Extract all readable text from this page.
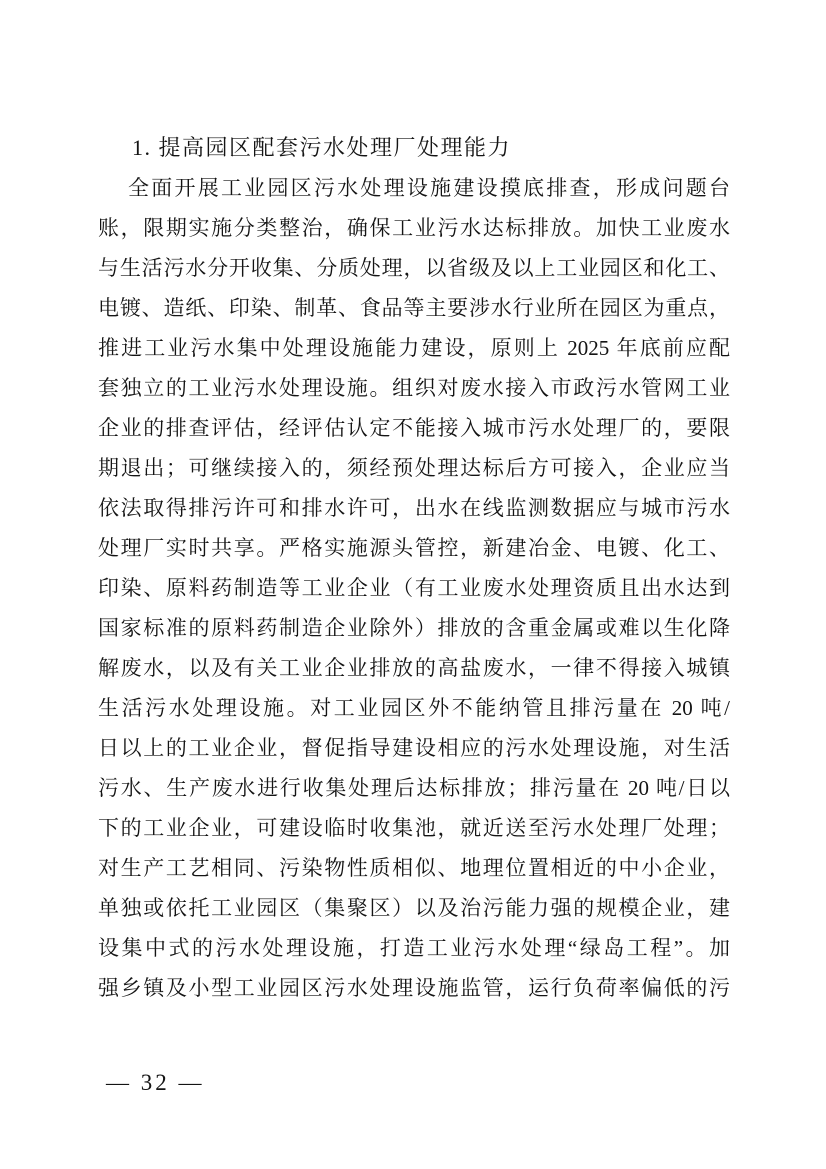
1. 提高园区配套污水处理厂处理能力
全面开展工业园区污水处理设施建设摸底排查，形成问题台
账，限期实施分类整治，确保工业污水达标排放。加快工业废水
与生活污水分开收集、分质处理，以省级及以上工业园区和化工、
电镀、造纸、印染、制革、食品等主要涉水行业所在园区为重点，
推进工业污水集中处理设施能力建设，原则上 2025 年底前应配
套独立的工业污水处理设施。组织对废水接入市政污水管网工业
企业的排查评估，经评估认定不能接入城市污水处理厂的，要限
期退出；可继续接入的，须经预处理达标后方可接入，企业应当
依法取得排污许可和排水许可，出水在线监测数据应与城市污水
处理厂实时共享。严格实施源头管控，新建冶金、电镀、化工、
印染、原料药制造等工业企业（有工业废水处理资质且出水达到
国家标准的原料药制造企业除外）排放的含重金属或难以生化降
解废水，以及有关工业企业排放的高盐废水，一律不得接入城镇
生活污水处理设施。对工业园区外不能纳管且排污量在 20 吨/
日以上的工业企业，督促指导建设相应的污水处理设施，对生活
污水、生产废水进行收集处理后达标排放；排污量在 20 吨/日以
下的工业企业，可建设临时收集池，就近送至污水处理厂处理；
对生产工艺相同、污染物性质相似、地理位置相近的中小企业，
单独或依托工业园区（集聚区）以及治污能力强的规模企业，建
设集中式的污水处理设施，打造工业污水处理“绿岛工程”。加
强乡镇及小型工业园区污水处理设施监管，运行负荷率偏低的污
— 32 —
